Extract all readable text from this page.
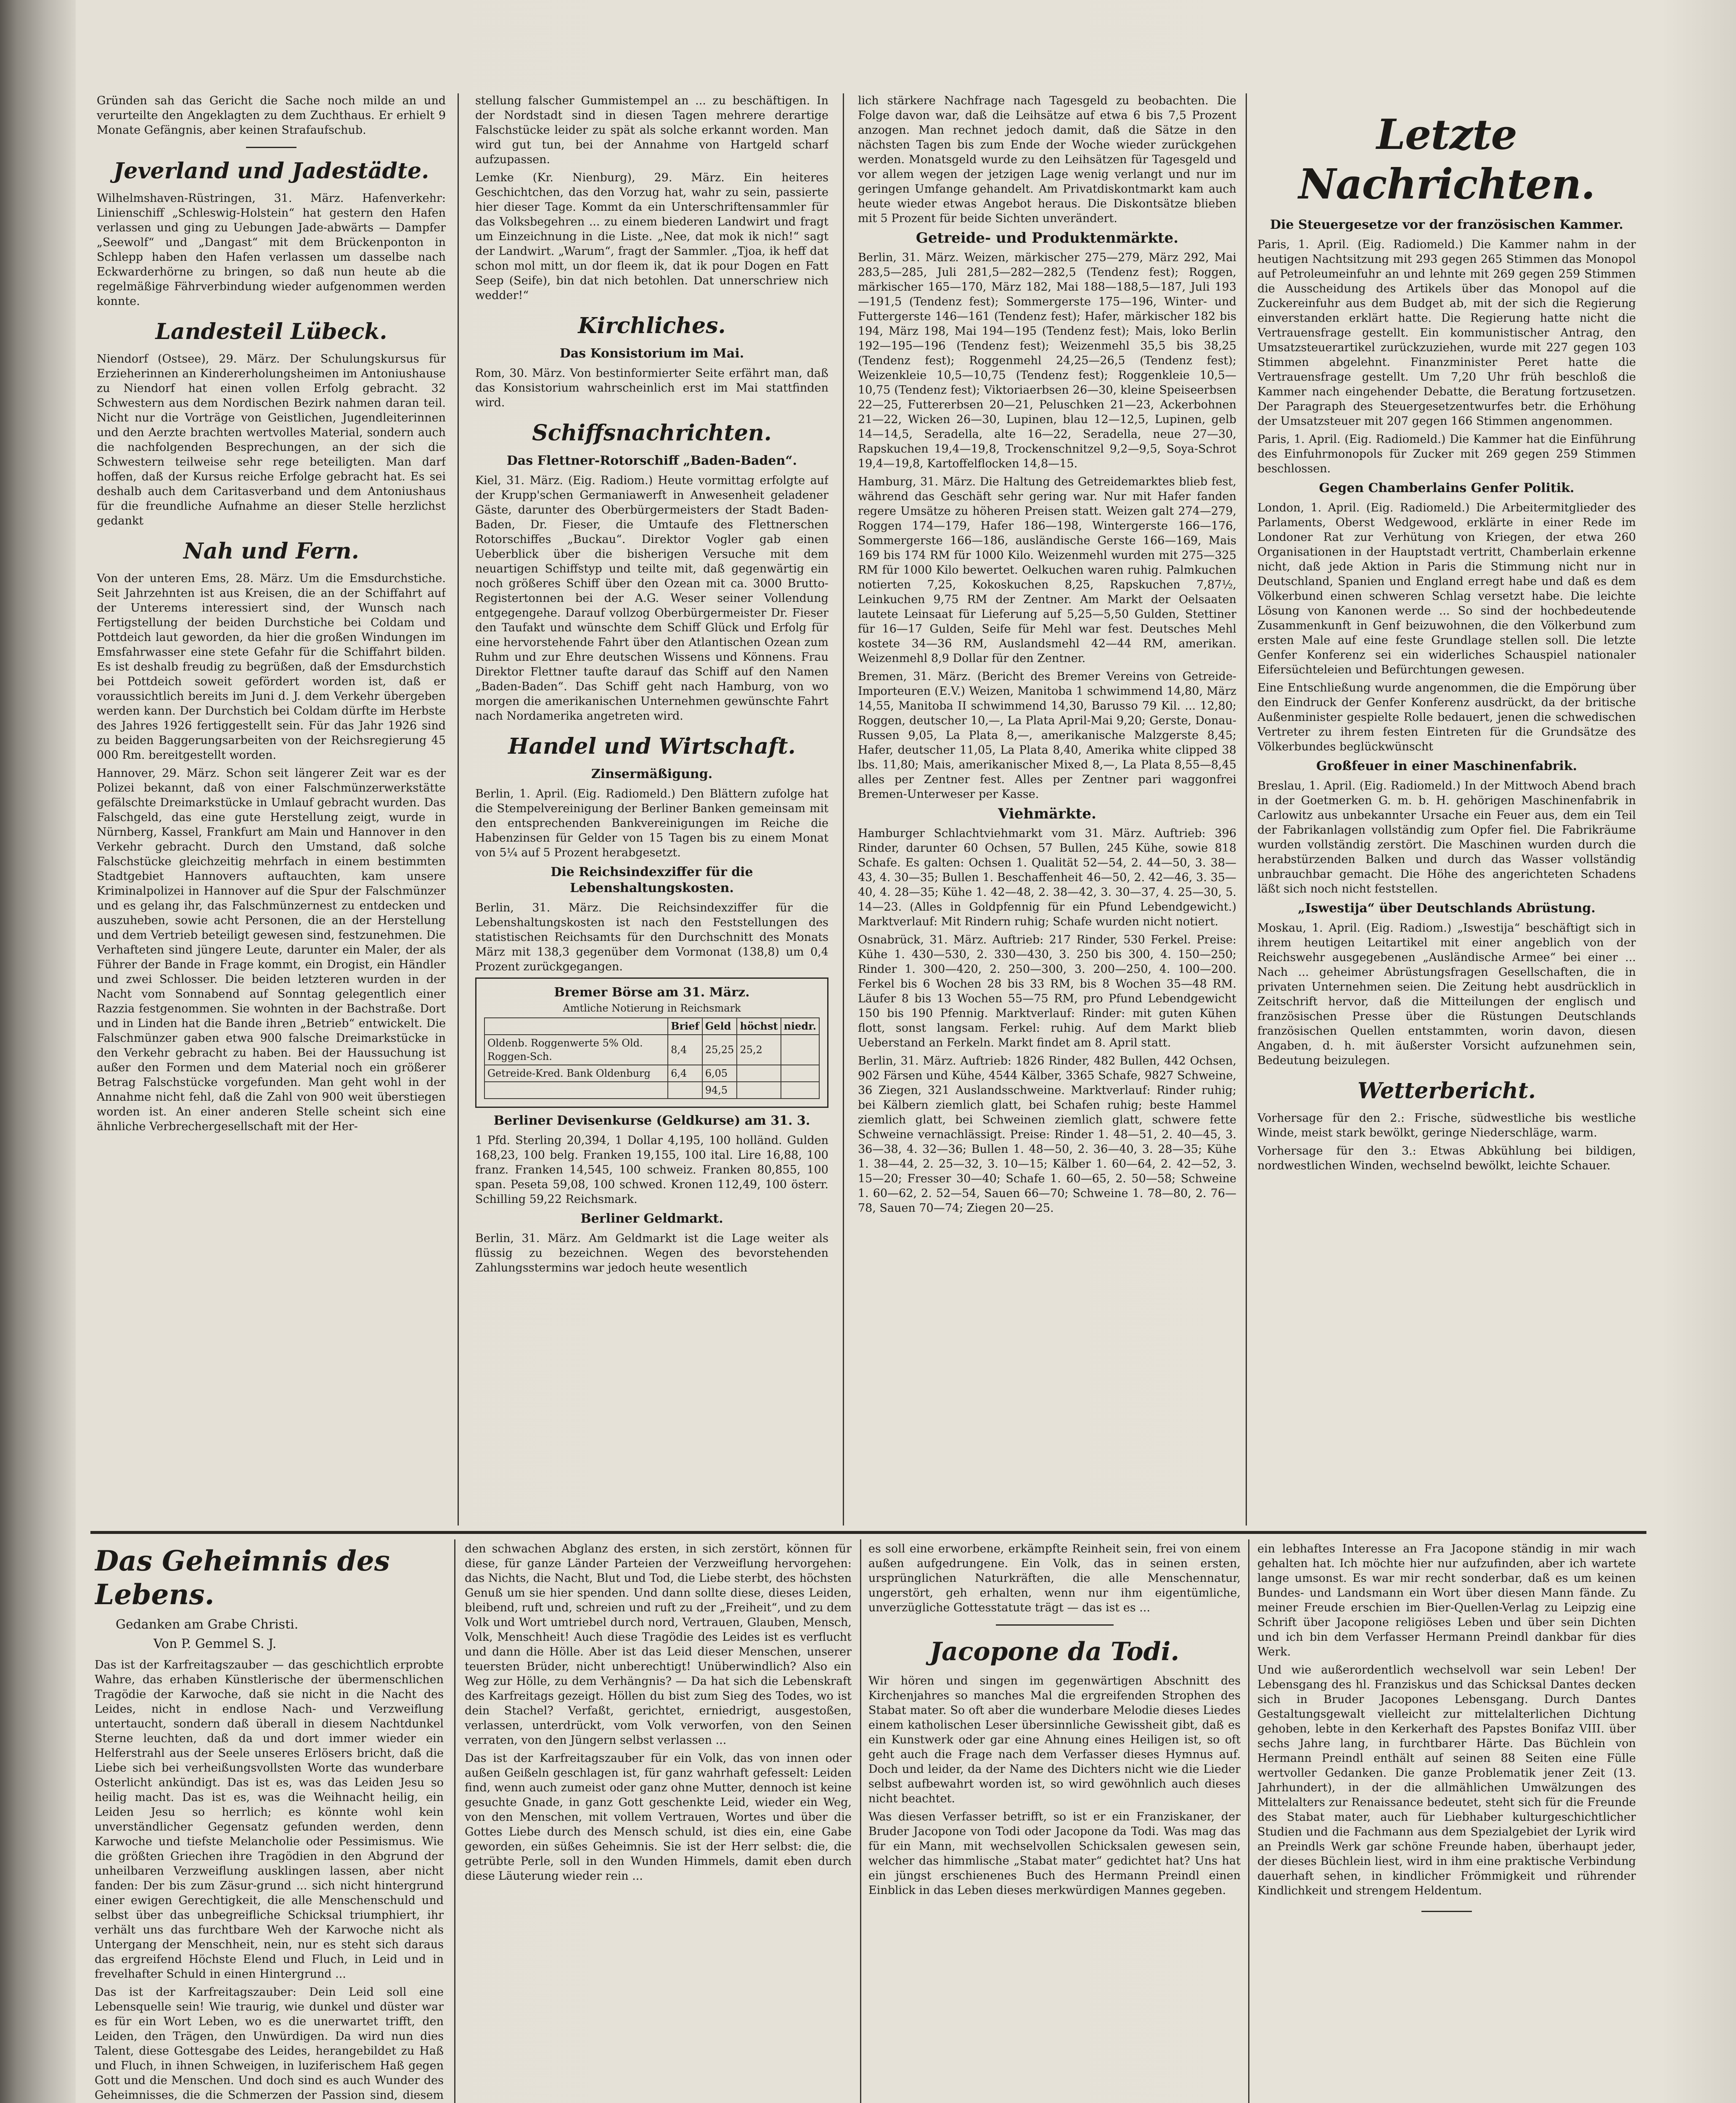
Gründen sah das Gericht die Sache noch milde an und verurteilte den Angeklagten zu dem Zuchthaus. Er erhielt 9 Monate Gefängnis, aber keinen Strafaufschub.

Jeverland und Jadestädte.

Wilhelmshaven-Rüstringen, 31. März. Hafenverkehr: Linienschiff „Schleswig-Holstein“ hat gestern den Hafen verlassen und ging zu Uebungen Jade-abwärts — Dampfer „Seewolf“ und „Dangast“ mit dem Brückenponton in Schlepp haben den Hafen verlassen um dasselbe nach Eckwarderhörne zu bringen, so daß nun heute ab die regelmäßige Fährverbindung wieder aufgenommen werden konnte.

Landesteil Lübeck.

Niendorf (Ostsee), 29. März. Der Schulungskursus für Erzieherinnen an Kindererholungsheimen im Antoniushause zu Niendorf hat einen vollen Erfolg gebracht. 32 Schwestern aus dem Nordischen Bezirk nahmen daran teil. Nicht nur die Vorträge von Geistlichen, Jugendleiterinnen und den Aerzte brachten wertvolles Material, sondern auch die nachfolgenden Besprechungen, an der sich die Schwestern teilweise sehr rege beteiligten. Man darf hoffen, daß der Kursus reiche Erfolge gebracht hat. Es sei deshalb auch dem Caritasverband und dem Antoniushaus für die freundliche Aufnahme an dieser Stelle herzlichst gedankt

Nah und Fern.

Von der unteren Ems, 28. März. Um die Emsdurchstiche. Seit Jahrzehnten ist aus Kreisen, die an der Schiffahrt auf der Unterems interessiert sind, der Wunsch nach Fertigstellung der beiden Durchstiche bei Coldam und Pottdeich laut geworden, da hier die großen Windungen im Emsfahrwasser eine stete Gefahr für die Schiffahrt bilden. Es ist deshalb freudig zu begrüßen, daß der Emsdurchstich bei Pottdeich soweit gefördert worden ist, daß er voraussichtlich bereits im Juni d. J. dem Verkehr übergeben werden kann. Der Durchstich bei Coldam dürfte im Herbste des Jahres 1926 fertiggestellt sein. Für das Jahr 1926 sind zu beiden Baggerungsarbeiten von der Reichsregierung 45 000 Rm. bereitgestellt worden.

Hannover, 29. März. Schon seit längerer Zeit war es der Polizei bekannt, daß von einer Falschmünzerwerkstätte gefälschte Dreimarkstücke in Umlauf gebracht wurden. Das Falschgeld, das eine gute Herstellung zeigt, wurde in Nürnberg, Kassel, Frankfurt am Main und Hannover in den Verkehr gebracht. Durch den Umstand, daß solche Falschstücke gleichzeitig mehrfach in einem bestimmten Stadtgebiet Hannovers auftauchten, kam unsere Kriminalpolizei in Hannover auf die Spur der Falschmünzer und es gelang ihr, das Falschmünzernest zu entdecken und auszuheben, sowie acht Personen, die an der Herstellung und dem Vertrieb beteiligt gewesen sind, festzunehmen. Die Verhafteten sind jüngere Leute, darunter ein Maler, der als Führer der Bande in Frage kommt, ein Drogist, ein Händler und zwei Schlosser. Die beiden letzteren wurden in der Nacht vom Sonnabend auf Sonntag gelegentlich einer Razzia festgenommen. Sie wohnten in der Bachstraße. Dort und in Linden hat die Bande ihren „Betrieb“ entwickelt. Die Falschmünzer gaben etwa 900 falsche Dreimarkstücke in den Verkehr gebracht zu haben. Bei der Haussuchung ist außer den Formen und dem Material noch ein größerer Betrag Falschstücke vorgefunden. Man geht wohl in der Annahme nicht fehl, daß die Zahl von 900 weit überstiegen worden ist. An einer anderen Stelle scheint sich eine ähnliche Verbrechergesellschaft mit der Her-

stellung falscher Gummistempel an ... zu beschäftigen. In der Nordstadt sind in diesen Tagen mehrere derartige Falschstücke leider zu spät als solche erkannt worden. Man wird gut tun, bei der Annahme von Hartgeld scharf aufzupassen.

Lemke (Kr. Nienburg), 29. März. Ein heiteres Geschichtchen, das den Vorzug hat, wahr zu sein, passierte hier dieser Tage. Kommt da ein Unterschriftensammler für das Volksbegehren ... zu einem biederen Landwirt und fragt um Einzeichnung in die Liste. „Nee, dat mok ik nich!“ sagt der Landwirt. „Warum“, fragt der Sammler. „Tjoa, ik heff dat schon mol mitt, un dor fleem ik, dat ik pour Dogen en Fatt Seep (Seife), bin dat nich betohlen. Dat unnerschriew nich wedder!“

Kirchliches.
Das Konsistorium im Mai.

Rom, 30. März. Von bestinformierter Seite erfährt man, daß das Konsistorium wahrscheinlich erst im Mai stattfinden wird.

Schiffsnachrichten.
Das Flettner-Rotorschiff „Baden-Baden“.

Kiel, 31. März. (Eig. Radiom.) Heute vormittag erfolgte auf der Krupp'schen Germaniawerft in Anwesenheit geladener Gäste, darunter des Oberbürgermeisters der Stadt Baden-Baden, Dr. Fieser, die Umtaufe des Flettnerschen Rotorschiffes „Buckau“. Direktor Vogler gab einen Ueberblick über die bisherigen Versuche mit dem neuartigen Schiffstyp und teilte mit, daß gegenwärtig ein noch größeres Schiff über den Ozean mit ca. 3000 Brutto-Registertonnen bei der A.G. Weser seiner Vollendung entgegengehe. Darauf vollzog Oberbürgermeister Dr. Fieser den Taufakt und wünschte dem Schiff Glück und Erfolg für eine hervorstehende Fahrt über den Atlantischen Ozean zum Ruhm und zur Ehre deutschen Wissens und Könnens. Frau Direktor Flettner taufte darauf das Schiff auf den Namen „Baden-Baden“. Das Schiff geht nach Hamburg, von wo morgen die amerikanischen Unternehmen gewünschte Fahrt nach Nordamerika angetreten wird.

Handel und Wirtschaft.
Zinsermäßigung.

Berlin, 1. April. (Eig. Radiomeld.) Den Blättern zufolge hat die Stempelvereinigung der Berliner Banken gemeinsam mit den entsprechenden Bankvereinigungen im Reiche die Habenzinsen für Gelder von 15 Tagen bis zu einem Monat von 5¼ auf 5 Prozent herabgesetzt.

Die Reichsindexziffer für die Lebenshaltungskosten.

Berlin, 31. März. Die Reichsindexziffer für die Lebenshaltungskosten ist nach den Feststellungen des statistischen Reichsamts für den Durchschnitt des Monats März mit 138,3 gegenüber dem Vormonat (138,8) um 0,4 Prozent zurückgegangen.

Bremer Börse am 31. März.
Amtliche Notierung in Reichsmark
	Brief	Geld	höchst	niedr.
Oldenb. Roggenwerte 5% Old. Roggen-Sch.	8,4	25,25	25,2	
Getreide-Kred. Bank Oldenburg	6,4	6,05		
		94,5		
Berliner Devisenkurse (Geldkurse) am 31. 3.

1 Pfd. Sterling 20,394, 1 Dollar 4,195, 100 holländ. Gulden 168,23, 100 belg. Franken 19,155, 100 ital. Lire 16,88, 100 franz. Franken 14,545, 100 schweiz. Franken 80,855, 100 span. Peseta 59,08, 100 schwed. Kronen 112,49, 100 österr. Schilling 59,22 Reichsmark.

Berliner Geldmarkt.

Berlin, 31. März. Am Geldmarkt ist die Lage weiter als flüssig zu bezeichnen. Wegen des bevorstehenden Zahlungsstermins war jedoch heute wesentlich

lich stärkere Nachfrage nach Tagesgeld zu beobachten. Die Folge davon war, daß die Leihsätze auf etwa 6 bis 7,5 Prozent anzogen. Man rechnet jedoch damit, daß die Sätze in den nächsten Tagen bis zum Ende der Woche wieder zurückgehen werden. Monatsgeld wurde zu den Leihsätzen für Tagesgeld und vor allem wegen der jetzigen Lage wenig verlangt und nur im geringen Umfange gehandelt. Am Privatdiskontmarkt kam auch heute wieder etwas Angebot heraus. Die Diskontsätze blieben mit 5 Prozent für beide Sichten unverändert.

Getreide- und Produktenmärkte.

Berlin, 31. März. Weizen, märkischer 275—279, März 292, Mai 283,5—285, Juli 281,5—282—282,5 (Tendenz fest); Roggen, märkischer 165—170, März 182, Mai 188—188,5—187, Juli 193—191,5 (Tendenz fest); Sommergerste 175—196, Winter- und Futtergerste 146—161 (Tendenz fest); Hafer, märkischer 182 bis 194, März 198, Mai 194—195 (Tendenz fest); Mais, loko Berlin 192—195—196 (Tendenz fest); Weizenmehl 35,5 bis 38,25 (Tendenz fest); Roggenmehl 24,25—26,5 (Tendenz fest); Weizenkleie 10,5—10,75 (Tendenz fest); Roggenkleie 10,5—10,75 (Tendenz fest); Viktoriaerbsen 26—30, kleine Speiseerbsen 22—25, Futtererbsen 20—21, Peluschken 21—23, Ackerbohnen 21—22, Wicken 26—30, Lupinen, blau 12—12,5, Lupinen, gelb 14—14,5, Seradella, alte 16—22, Seradella, neue 27—30, Rapskuchen 19,4—19,8, Trockenschnitzel 9,2—9,5, Soya-Schrot 19,4—19,8, Kartoffelflocken 14,8—15.

Hamburg, 31. März. Die Haltung des Getreidemarktes blieb fest, während das Geschäft sehr gering war. Nur mit Hafer fanden regere Umsätze zu höheren Preisen statt. Weizen galt 274—279, Roggen 174—179, Hafer 186—198, Wintergerste 166—176, Sommergerste 166—186, ausländische Gerste 166—169, Mais 169 bis 174 RM für 1000 Kilo. Weizenmehl wurden mit 275—325 RM für 1000 Kilo bewertet. Oelkuchen waren ruhig. Palmkuchen notierten 7,25, Kokoskuchen 8,25, Rapskuchen 7,87½, Leinkuchen 9,75 RM der Zentner. Am Markt der Oelsaaten lautete Leinsaat für Lieferung auf 5,25—5,50 Gulden, Stettiner für 16—17 Gulden, Seife für Mehl war fest. Deutsches Mehl kostete 34—36 RM, Auslandsmehl 42—44 RM, amerikan. Weizenmehl 8,9 Dollar für den Zentner.

Bremen, 31. März. (Bericht des Bremer Vereins von Getreide-Importeuren (E.V.) Weizen, Manitoba 1 schwimmend 14,80, März 14,55, Manitoba II schwimmend 14,30, Barusso 79 Kil. ... 12,80; Roggen, deutscher 10,—, La Plata April-Mai 9,20; Gerste, Donau-Russen 9,05, La Plata 8,—, amerikanische Malzgerste 8,45; Hafer, deutscher 11,05, La Plata 8,40, Amerika white clipped 38 lbs. 11,80; Mais, amerikanischer Mixed 8,—, La Plata 8,55—8,45 alles per Zentner fest. Alles per Zentner pari waggonfrei Bremen-Unterweser per Kasse.

Viehmärkte.

Hamburger Schlachtviehmarkt vom 31. März. Auftrieb: 396 Rinder, darunter 60 Ochsen, 57 Bullen, 245 Kühe, sowie 818 Schafe. Es galten: Ochsen 1. Qualität 52—54, 2. 44—50, 3. 38—43, 4. 30—35; Bullen 1. Beschaffenheit 46—50, 2. 42—46, 3. 35—40, 4. 28—35; Kühe 1. 42—48, 2. 38—42, 3. 30—37, 4. 25—30, 5. 14—23. (Alles in Goldpfennig für ein Pfund Lebendgewicht.) Marktverlauf: Mit Rindern ruhig; Schafe wurden nicht notiert.

Osnabrück, 31. März. Auftrieb: 217 Rinder, 530 Ferkel. Preise: Kühe 1. 430—530, 2. 330—430, 3. 250 bis 300, 4. 150—250; Rinder 1. 300—420, 2. 250—300, 3. 200—250, 4. 100—200. Ferkel bis 6 Wochen 28 bis 33 RM, bis 8 Wochen 35—48 RM. Läufer 8 bis 13 Wochen 55—75 RM, pro Pfund Lebendgewicht 150 bis 190 Pfennig. Marktverlauf: Rinder: mit guten Kühen flott, sonst langsam. Ferkel: ruhig. Auf dem Markt blieb Ueberstand an Ferkeln. Markt findet am 8. April statt.

Berlin, 31. März. Auftrieb: 1826 Rinder, 482 Bullen, 442 Ochsen, 902 Färsen und Kühe, 4544 Kälber, 3365 Schafe, 9827 Schweine, 36 Ziegen, 321 Auslandsschweine. Marktverlauf: Rinder ruhig; bei Kälbern ziemlich glatt, bei Schafen ruhig; beste Hammel ziemlich glatt, bei Schweinen ziemlich glatt, schwere fette Schweine vernachlässigt. Preise: Rinder 1. 48—51, 2. 40—45, 3. 36—38, 4. 32—36; Bullen 1. 48—50, 2. 36—40, 3. 28—35; Kühe 1. 38—44, 2. 25—32, 3. 10—15; Kälber 1. 60—64, 2. 42—52, 3. 15—20; Fresser 30—40; Schafe 1. 60—65, 2. 50—58; Schweine 1. 60—62, 2. 52—54, Sauen 66—70; Schweine 1. 78—80, 2. 76—78, Sauen 70—74; Ziegen 20—25.

Letzte Nachrichten.
Die Steuergesetze vor der französischen Kammer.

Paris, 1. April. (Eig. Radiomeld.) Die Kammer nahm in der heutigen Nachtsitzung mit 293 gegen 265 Stimmen das Monopol auf Petroleumeinfuhr an und lehnte mit 269 gegen 259 Stimmen die Ausscheidung des Artikels über das Monopol auf die Zuckereinfuhr aus dem Budget ab, mit der sich die Regierung einverstanden erklärt hatte. Die Regierung hatte nicht die Vertrauensfrage gestellt. Ein kommunistischer Antrag, den Umsatzsteuerartikel zurückzuziehen, wurde mit 227 gegen 103 Stimmen abgelehnt. Finanzminister Peret hatte die Vertrauensfrage gestellt. Um 7,20 Uhr früh beschloß die Kammer nach eingehender Debatte, die Beratung fortzusetzen. Der Paragraph des Steuergesetzentwurfes betr. die Erhöhung der Umsatzsteuer mit 207 gegen 166 Stimmen angenommen.

Paris, 1. April. (Eig. Radiomeld.) Die Kammer hat die Einführung des Einfuhrmonopols für Zucker mit 269 gegen 259 Stimmen beschlossen.

Gegen Chamberlains Genfer Politik.

London, 1. April. (Eig. Radiomeld.) Die Arbeitermitglieder des Parlaments, Oberst Wedgewood, erklärte in einer Rede im Londoner Rat zur Verhütung von Kriegen, der etwa 260 Organisationen in der Hauptstadt vertritt, Chamberlain erkenne nicht, daß jede Aktion in Paris die Stimmung nicht nur in Deutschland, Spanien und England erregt habe und daß es dem Völkerbund einen schweren Schlag versetzt habe. Die leichte Lösung von Kanonen werde ... So sind der hochbedeutende Zusammenkunft in Genf beizuwohnen, die den Völkerbund zum ersten Male auf eine feste Grundlage stellen soll. Die letzte Genfer Konferenz sei ein widerliches Schauspiel nationaler Eifersüchteleien und Befürchtungen gewesen.

Eine Entschließung wurde angenommen, die die Empörung über den Eindruck der Genfer Konferenz ausdrückt, da der britische Außenminister gespielte Rolle bedauert, jenen die schwedischen Vertreter zu ihrem festen Eintreten für die Grundsätze des Völkerbundes beglückwünscht

Großfeuer in einer Maschinenfabrik.

Breslau, 1. April. (Eig. Radiomeld.) In der Mittwoch Abend brach in der Goetmerken G. m. b. H. gehörigen Maschinenfabrik in Carlowitz aus unbekannter Ursache ein Feuer aus, dem ein Teil der Fabrikanlagen vollständig zum Opfer fiel. Die Fabrikräume wurden vollständig zerstört. Die Maschinen wurden durch die herabstürzenden Balken und durch das Wasser vollständig unbrauchbar gemacht. Die Höhe des angerichteten Schadens läßt sich noch nicht feststellen.

„Iswestija“ über Deutschlands Abrüstung.

Moskau, 1. April. (Eig. Radiom.) „Iswestija“ beschäftigt sich in ihrem heutigen Leitartikel mit einer angeblich von der Reichswehr ausgegebenen „Ausländische Armee“ bei einer ... Nach ... geheimer Abrüstungsfragen Gesellschaften, die in privaten Unternehmen seien. Die Zeitung hebt ausdrücklich in Zeitschrift hervor, daß die Mitteilungen der englisch und französischen Presse über die Rüstungen Deutschlands französischen Quellen entstammten, worin davon, diesen Angaben, d. h. mit äußerster Vorsicht aufzunehmen sein, Bedeutung beizulegen.

Wetterbericht.

Vorhersage für den 2.: Frische, südwestliche bis westliche Winde, meist stark bewölkt, geringe Niederschläge, warm.

Vorhersage für den 3.: Etwas Abkühlung bei bildigen, nordwestlichen Winden, wechselnd bewölkt, leichte Schauer.

Das Geheimnis des Lebens.
Gedanken am Grabe Christi.
Von P. Gemmel S. J.

Das ist der Karfreitagszauber — das geschichtlich erprobte Wahre, das erhaben Künstlerische der übermenschlichen Tragödie der Karwoche, daß sie nicht in die Nacht des Leides, nicht in endlose Nach- und Verzweiflung untertaucht, sondern daß überall in diesem Nachtdunkel Sterne leuchten, daß da und dort immer wieder ein Helferstrahl aus der Seele unseres Erlösers bricht, daß die Liebe sich bei verheißungsvollsten Worte das wunderbare Osterlicht ankündigt. Das ist es, was das Leiden Jesu so heilig macht. Das ist es, was die Weihnacht heilig, ein Leiden Jesu so herrlich; es könnte wohl kein unverständlicher Gegensatz gefunden werden, denn Karwoche und tiefste Melancholie oder Pessimismus. Wie die größten Griechen ihre Tragödien in den Abgrund der unheilbaren Verzweiflung ausklingen lassen, aber nicht fanden: Der bis zum Zäsur-grund ... sich nicht hintergrund einer ewigen Gerechtigkeit, die alle Menschenschuld und selbst über das unbegreifliche Schicksal triumphiert, ihr verhält uns das furchtbare Weh der Karwoche nicht als Untergang der Menschheit, nein, nur es steht sich daraus das ergreifend Höchste Elend und Fluch, in Leid und in frevelhafter Schuld in einen Hintergrund ...

Das ist der Karfreitagszauber: Dein Leid soll eine Lebensquelle sein! Wie traurig, wie dunkel und düster war es für ein Wort Leben, wo es die unerwartet trifft, den Leiden, den Trägen, den Unwürdigen. Da wird nun dies Talent, diese Gottesgabe des Leides, herangebildet zu Haß und Fluch, in ihnen Schweigen, in luziferischem Haß gegen Gott und die Menschen. Und doch sind es auch Wunder des Geheimnisses, die die Schmerzen der Passion sind, diesem

den schwachen Abglanz des ersten, in sich zerstört, können für diese, für ganze Länder Parteien der Verzweiflung hervorgehen: das Nichts, die Nacht, Blut und Tod, die Liebe sterbt, des höchsten Genuß um sie hier spenden. Und dann sollte diese, dieses Leiden, bleibend, ruft und, schreien und ruft zu der „Freiheit“, und zu dem Volk und Wort umtriebel durch nord, Vertrauen, Glauben, Mensch, Volk, Menschheit! Auch diese Tragödie des Leides ist es verflucht und dann die Hölle. Aber ist das Leid dieser Menschen, unserer teuersten Brüder, nicht unberechtigt! Unüberwindlich? Also ein Weg zur Hölle, zu dem Verhängnis? — Da hat sich die Lebenskraft des Karfreitags gezeigt. Höllen du bist zum Sieg des Todes, wo ist dein Stachel? Verfaßt, gerichtet, erniedrigt, ausgestoßen, verlassen, unterdrückt, vom Volk verworfen, von den Seinen verraten, von den Jüngern selbst verlassen ...

Das ist der Karfreitagszauber für ein Volk, das von innen oder außen Geißeln geschlagen ist, für ganz wahrhaft gefesselt: Leiden find, wenn auch zumeist oder ganz ohne Mutter, dennoch ist keine gesuchte Gnade, in ganz Gott geschenkte Leid, wieder ein Weg, von den Menschen, mit vollem Vertrauen, Wortes und über die Gottes Liebe durch des Mensch schuld, ist dies ein, eine Gabe geworden, ein süßes Geheimnis. Sie ist der Herr selbst: die, die getrübte Perle, soll in den Wunden Himmels, damit eben durch diese Läuterung wieder rein ...

es soll eine erworbene, erkämpfte Reinheit sein, frei von einem außen aufgedrungene. Ein Volk, das in seinen ersten, ursprünglichen Naturkräften, die alle Menschennatur, ungerstört, geh erhalten, wenn nur ihm eigentümliche, unverzügliche Gottesstatute trägt — das ist es ...

Jacopone da Todi.

Wir hören und singen im gegenwärtigen Abschnitt des Kirchenjahres so manches Mal die ergreifenden Strophen des Stabat mater. So oft aber die wunderbare Melodie dieses Liedes einem katholischen Leser übersinnliche Gewissheit gibt, daß es ein Kunstwerk oder gar eine Ahnung eines Heiligen ist, so oft geht auch die Frage nach dem Verfasser dieses Hymnus auf. Doch und leider, da der Name des Dichters nicht wie die Lieder selbst aufbewahrt worden ist, so wird gewöhnlich auch dieses nicht beachtet.

Was diesen Verfasser betrifft, so ist er ein Franziskaner, der Bruder Jacopone von Todi oder Jacopone da Todi. Was mag das für ein Mann, mit wechselvollen Schicksalen gewesen sein, welcher das himmlische „Stabat mater“ gedichtet hat? Uns hat ein jüngst erschienenes Buch des Hermann Preindl einen Einblick in das Leben dieses merkwürdigen Mannes gegeben.

ein lebhaftes Interesse an Fra Jacopone ständig in mir wach gehalten hat. Ich möchte hier nur aufzufinden, aber ich wartete lange umsonst. Es war mir recht sonderbar, daß es um keinen Bundes- und Landsmann ein Wort über diesen Mann fände. Zu meiner Freude erschien im Bier-Quellen-Verlag zu Leipzig eine Schrift über Jacopone religiöses Leben und über sein Dichten und ich bin dem Verfasser Hermann Preindl dankbar für dies Werk.

Und wie außerordentlich wechselvoll war sein Leben! Der Lebensgang des hl. Franziskus und das Schicksal Dantes decken sich in Bruder Jacopones Lebensgang. Durch Dantes Gestaltungsgewalt vielleicht zur mittelalterlichen Dichtung gehoben, lebte in den Kerkerhaft des Papstes Bonifaz VIII. über sechs Jahre lang, in furchtbarer Härte. Das Büchlein von Hermann Preindl enthält auf seinen 88 Seiten eine Fülle wertvoller Gedanken. Die ganze Problematik jener Zeit (13. Jahrhundert), in der die allmählichen Umwälzungen des Mittelalters zur Renaissance bedeutet, steht sich für die Freunde des Stabat mater, auch für Liebhaber kulturgeschichtlicher Studien und die Fachmann aus dem Spezialgebiet der Lyrik wird an Preindls Werk gar schöne Freunde haben, überhaupt jeder, der dieses Büchlein liest, wird in ihm eine praktische Verbindung dauerhaft sehen, in kindlicher Frömmigkeit und rührender Kindlichkeit und strengem Heldentum.
